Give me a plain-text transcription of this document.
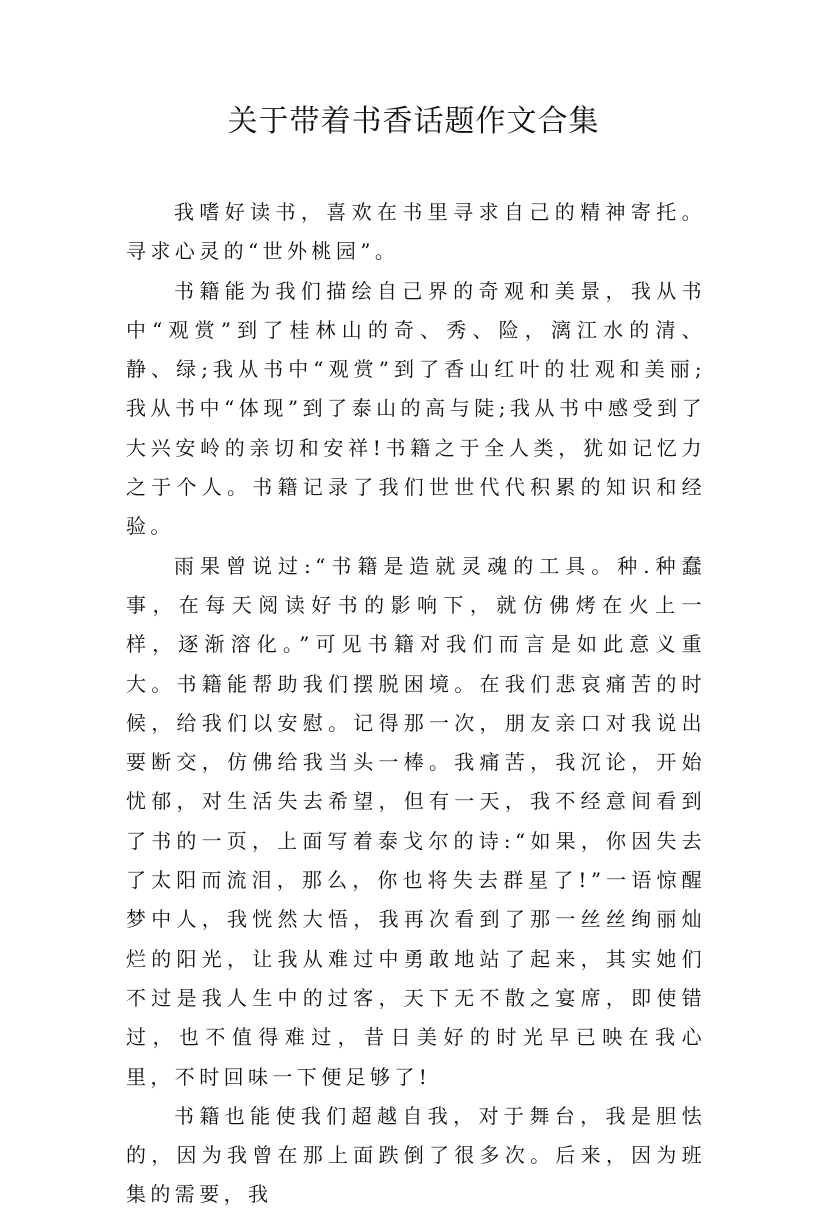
关于带着书香话题作文合集

我嗜好读书，喜欢在书里寻求自己的精神寄托。寻求心灵的“世外桃园”。

书籍能为我们描绘自己界的奇观和美景，我从书中“观赏”到了桂林山的奇、秀、险，漓江水的清、静、绿;我从书中“观赏”到了香山红叶的壮观和美丽;我从书中“体现”到了泰山的高与陡;我从书中感受到了大兴安岭的亲切和安祥!书籍之于全人类，犹如记忆力之于个人。书籍记录了我们世世代代积累的知识和经验。

雨果曾说过:“书籍是造就灵魂的工具。种.种蠢事，在每天阅读好书的影响下，就仿佛烤在火上一样，逐渐溶化。”可见书籍对我们而言是如此意义重大。书籍能帮助我们摆脱困境。在我们悲哀痛苦的时候，给我们以安慰。记得那一次，朋友亲口对我说出要断交，仿佛给我当头一棒。我痛苦，我沉论，开始忧郁，对生活失去希望，但有一天，我不经意间看到了书的一页，上面写着泰戈尔的诗:“如果，你因失去了太阳而流泪，那么，你也将失去群星了!”一语惊醒梦中人，我恍然大悟，我再次看到了那一丝丝绚丽灿烂的阳光，让我从难过中勇敢地站了起来，其实她们不过是我人生中的过客，天下无不散之宴席，即使错过，也不值得难过，昔日美好的时光早已映在我心里，不时回味一下便足够了!

书籍也能使我们超越自我，对于舞台，我是胆怯的，因为我曾在那上面跌倒了很多次。后来，因为班集的需要，我
